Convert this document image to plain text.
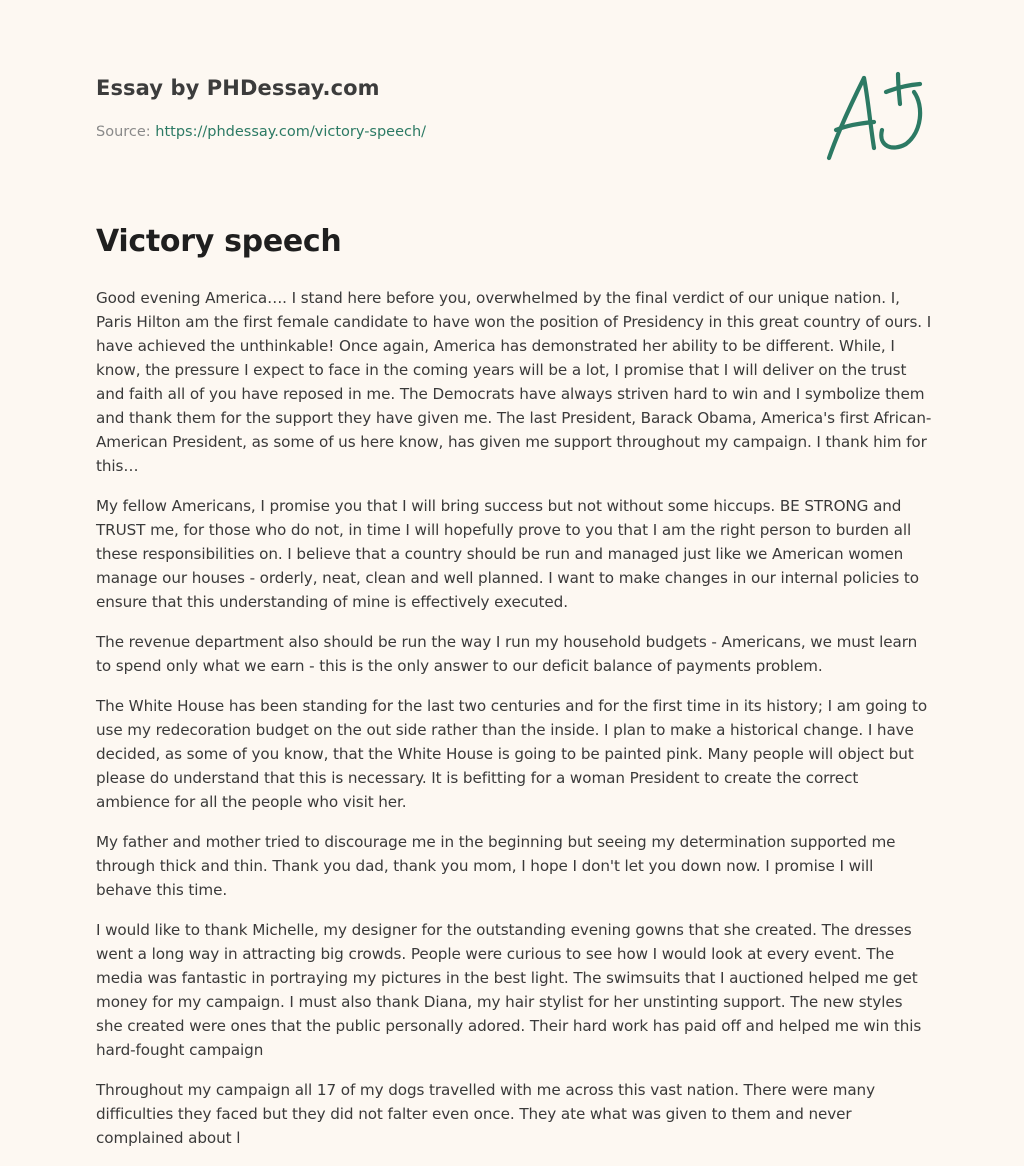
Essay by PHDessay.com

Source: https://phdessay.com/victory-speech/

Victory speech

Good evening America…. I stand here before you, overwhelmed by the final verdict of our unique nation. I, Paris Hilton am the first female candidate to have won the position of Presidency in this great country of ours. I have achieved the unthinkable! Once again, America has demonstrated her ability to be different. While, I know, the pressure I expect to face in the coming years will be a lot, I promise that I will deliver on the trust and faith all of you have reposed in me. The Democrats have always striven hard to win and I symbolize them and thank them for the support they have given me. The last President, Barack Obama, America's first African-American President, as some of us here know, has given me support throughout my campaign. I thank him for this…

My fellow Americans, I promise you that I will bring success but not without some hiccups. BE STRONG and TRUST me, for those who do not, in time I will hopefully prove to you that I am the right person to burden all these responsibilities on. I believe that a country should be run and managed just like we American women manage our houses - orderly, neat, clean and well planned. I want to make changes in our internal policies to ensure that this understanding of mine is effectively executed.

The revenue department also should be run the way I run my household budgets - Americans, we must learn to spend only what we earn - this is the only answer to our deficit balance of payments problem.

The White House has been standing for the last two centuries and for the first time in its history; I am going to use my redecoration budget on the out side rather than the inside. I plan to make a historical change. I have decided, as some of you know, that the White House is going to be painted pink. Many people will object but please do understand that this is necessary. It is befitting for a woman President to create the correct ambience for all the people who visit her.

My father and mother tried to discourage me in the beginning but seeing my determination supported me through thick and thin. Thank you dad, thank you mom, I hope I don't let you down now. I promise I will behave this time.

I would like to thank Michelle, my designer for the outstanding evening gowns that she created. The dresses went a long way in attracting big crowds. People were curious to see how I would look at every event. The media was fantastic in portraying my pictures in the best light. The swimsuits that I auctioned helped me get money for my campaign. I must also thank Diana, my hair stylist for her unstinting support. The new styles she created were ones that the public personally adored. Their hard work has paid off and helped me win this hard-fought campaign

Throughout my campaign all 17 of my dogs travelled with me across this vast nation. There were many difficulties they faced but they did not falter even once. They ate what was given to them and never complained about l
